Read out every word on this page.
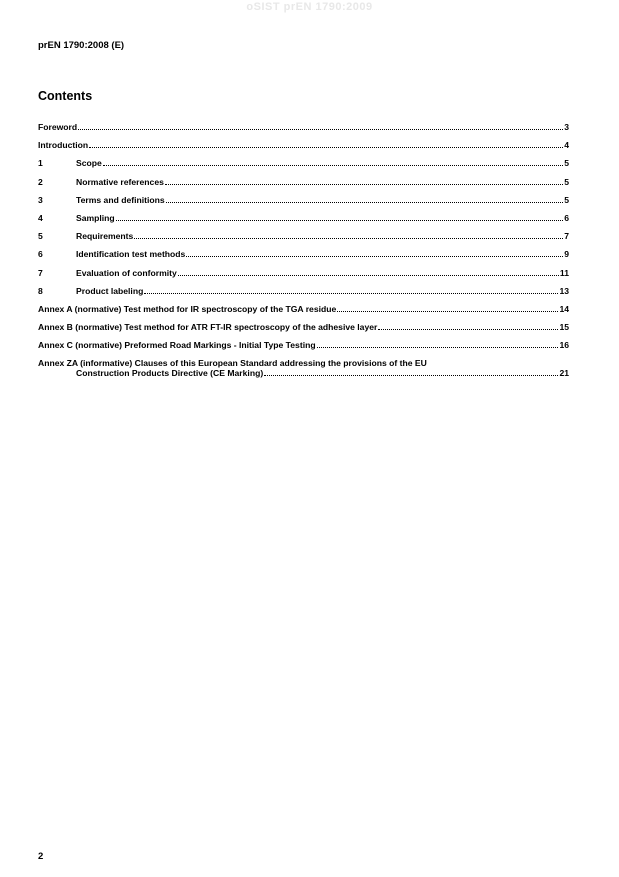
oSIST prEN 1790:2009
prEN 1790:2008 (E)
Contents
Foreword	3
Introduction	4
1	Scope	5
2	Normative references	5
3	Terms and definitions	5
4	Sampling	6
5	Requirements	7
6	Identification test methods	9
7	Evaluation of conformity	11
8	Product labeling	13
Annex A (normative) Test method for IR spectroscopy of the TGA residue	14
Annex B (normative) Test method for ATR FT-IR spectroscopy of the adhesive layer	15
Annex C (normative) Preformed Road Markings - Initial Type Testing	16
Annex ZA (informative) Clauses of this European Standard addressing the provisions of the EU
Construction Products Directive (CE Marking)	21
2
